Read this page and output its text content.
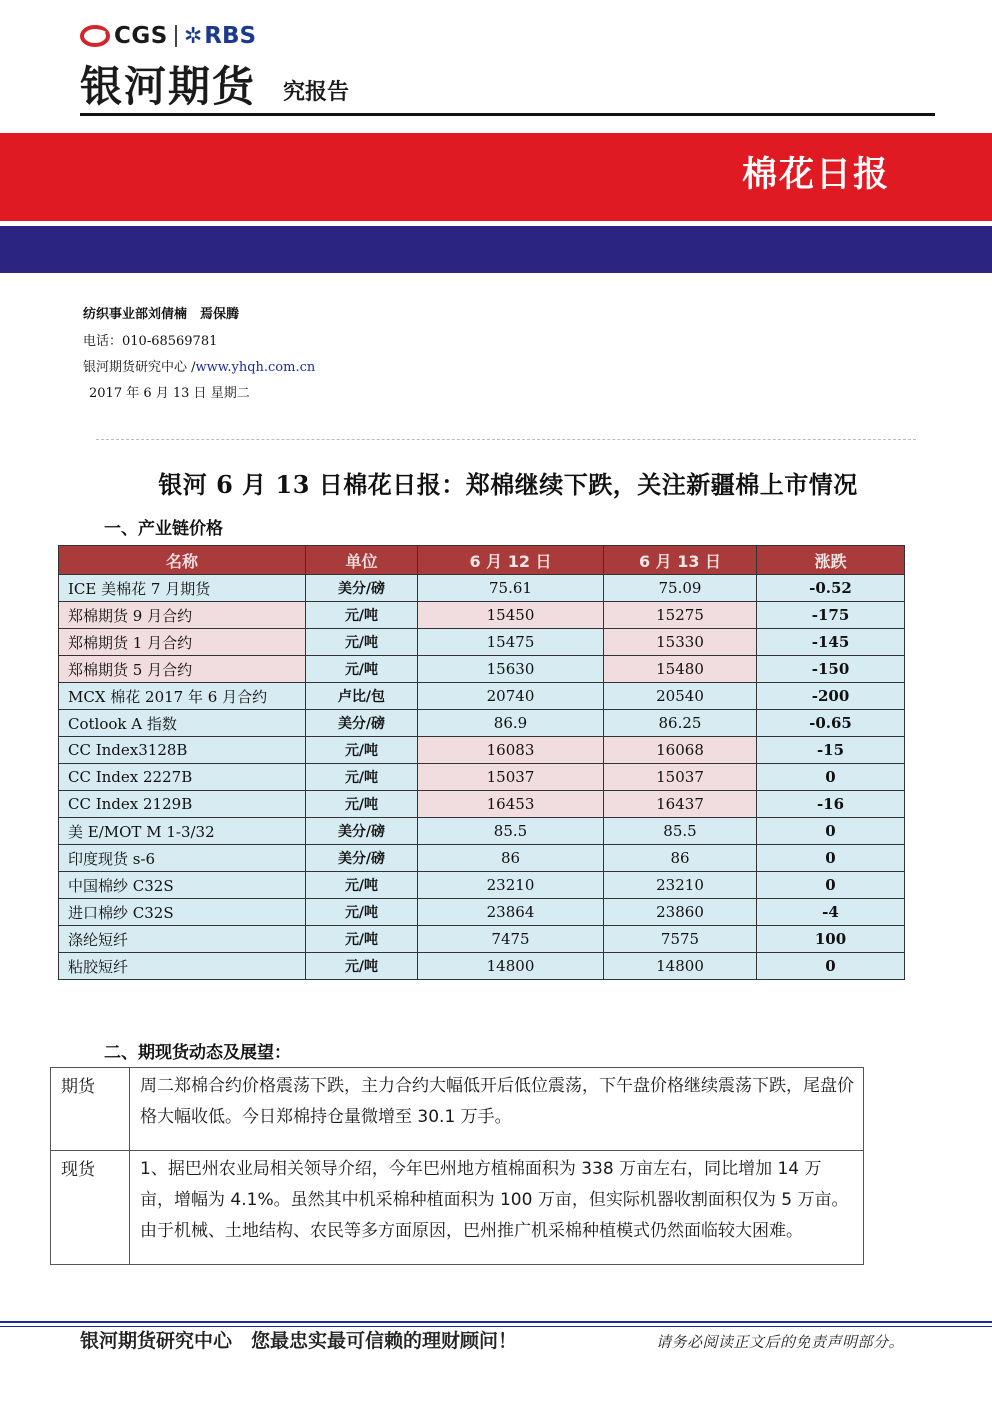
CGS ✲ RBS
银河期货 究报告
棉花日报
纺织事业部刘倩楠　焉保腾
电话：010-68569781
银河期货研究中心 /www.yhqh.com.cn
2017 年 6 月 13 日 星期二
银河 6 月 13 日棉花日报：郑棉继续下跌，关注新疆棉上市情况
一、产业链价格
名称	单位	6 月 12 日	6 月 13 日	涨跌
ICE 美棉花 7 月期货	美分/磅	75.61	75.09	-0.52
郑棉期货 9 月合约	元/吨	15450	15275	-175
郑棉期货 1 月合约	元/吨	15475	15330	-145
郑棉期货 5 月合约	元/吨	15630	15480	-150
MCX 棉花 2017 年 6 月合约	卢比/包	20740	20540	-200
Cotlook A 指数	美分/磅	86.9	86.25	-0.65
CC Index3128B	元/吨	16083	16068	-15
CC Index 2227B	元/吨	15037	15037	0
CC Index 2129B	元/吨	16453	16437	-16
美 E/MOT M 1-3/32	美分/磅	85.5	85.5	0
印度现货 s-6	美分/磅	86	86	0
中国棉纱 C32S	元/吨	23210	23210	0
进口棉纱 C32S	元/吨	23864	23860	-4
涤纶短纤	元/吨	7475	7575	100
粘胶短纤	元/吨	14800	14800	0
二、期现货动态及展望：
期货	周二郑棉合约价格震荡下跌，主力合约大幅低开后低位震荡，下午盘价格继续震荡下跌，尾盘价格大幅收低。今日郑棉持仓量微增至 30.1 万手。
现货	1、据巴州农业局相关领导介绍，今年巴州地方植棉面积为 338 万亩左右，同比增加 14 万亩，增幅为 4.1%。虽然其中机采棉种植面积为 100 万亩，但实际机器收割面积仅为 5 万亩。由于机械、土地结构、农民等多方面原因，巴州推广机采棉种植模式仍然面临较大困难。
银河期货研究中心　您最忠实最可信赖的理财顾问！	请务必阅读正文后的免责声明部分。
